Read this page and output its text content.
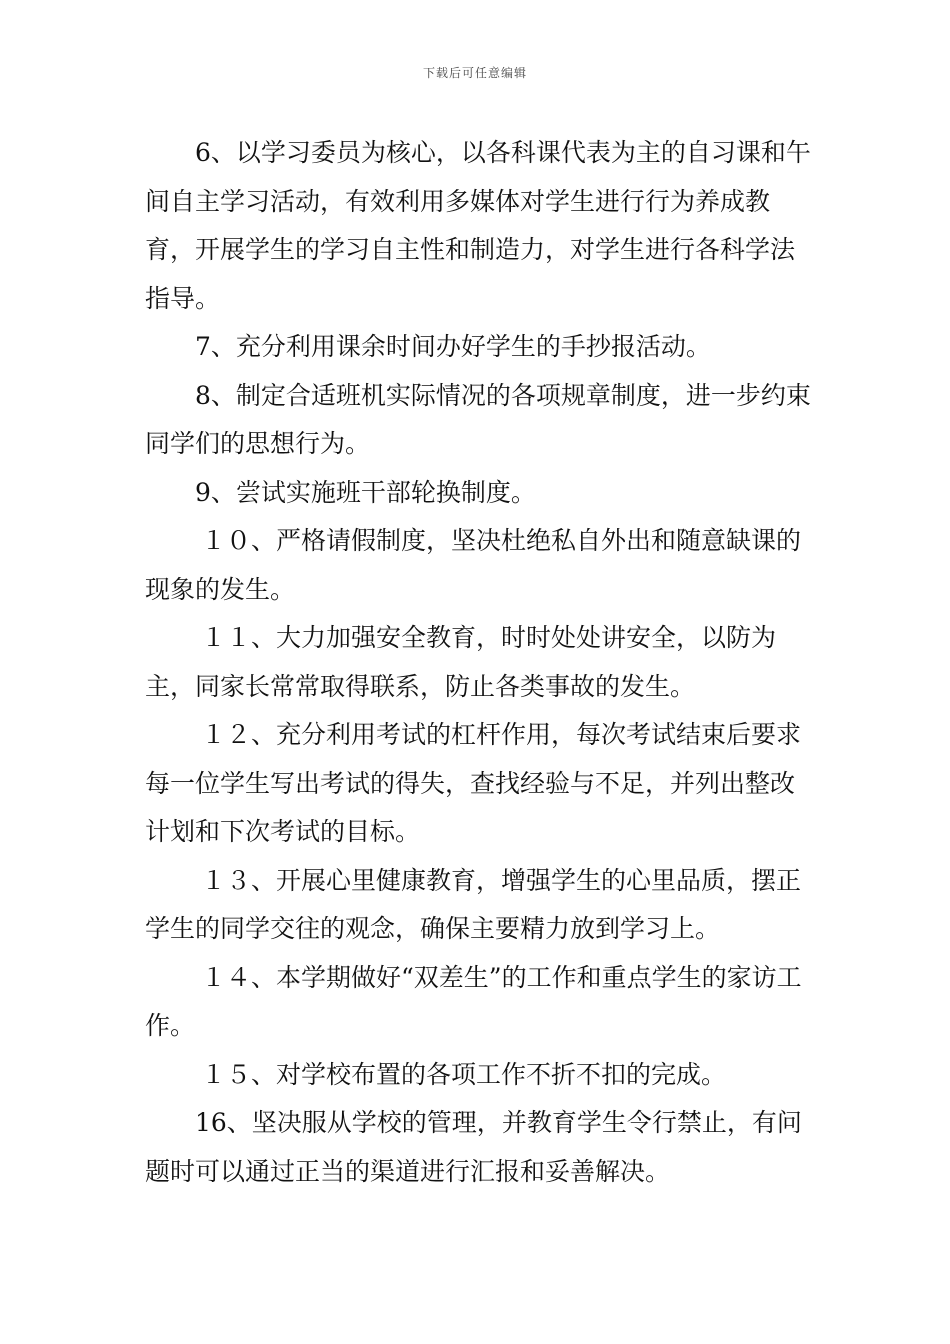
下载后可任意编辑

6、以学习委员为核心，以各科课代表为主的自习课和午间自主学习活动，有效利用多媒体对学生进行行为养成教育，开展学生的学习自主性和制造力，对学生进行各科学法指导。

7、充分利用课余时间办好学生的手抄报活动。

8、制定合适班机实际情况的各项规章制度，进一步约束同学们的思想行为。

9、尝试实施班干部轮换制度。

１０、严格请假制度，坚决杜绝私自外出和随意缺课的现象的发生。

１１、大力加强安全教育，时时处处讲安全，以防为主，同家长常常取得联系，防止各类事故的发生。

１２、充分利用考试的杠杆作用，每次考试结束后要求每一位学生写出考试的得失，查找经验与不足，并列出整改计划和下次考试的目标。

１３、开展心里健康教育，增强学生的心里品质，摆正学生的同学交往的观念，确保主要精力放到学习上。

１４、本学期做好“双差生”的工作和重点学生的家访工作。

１５、对学校布置的各项工作不折不扣的完成。

16、坚决服从学校的管理，并教育学生令行禁止，有问题时可以通过正当的渠道进行汇报和妥善解决。
